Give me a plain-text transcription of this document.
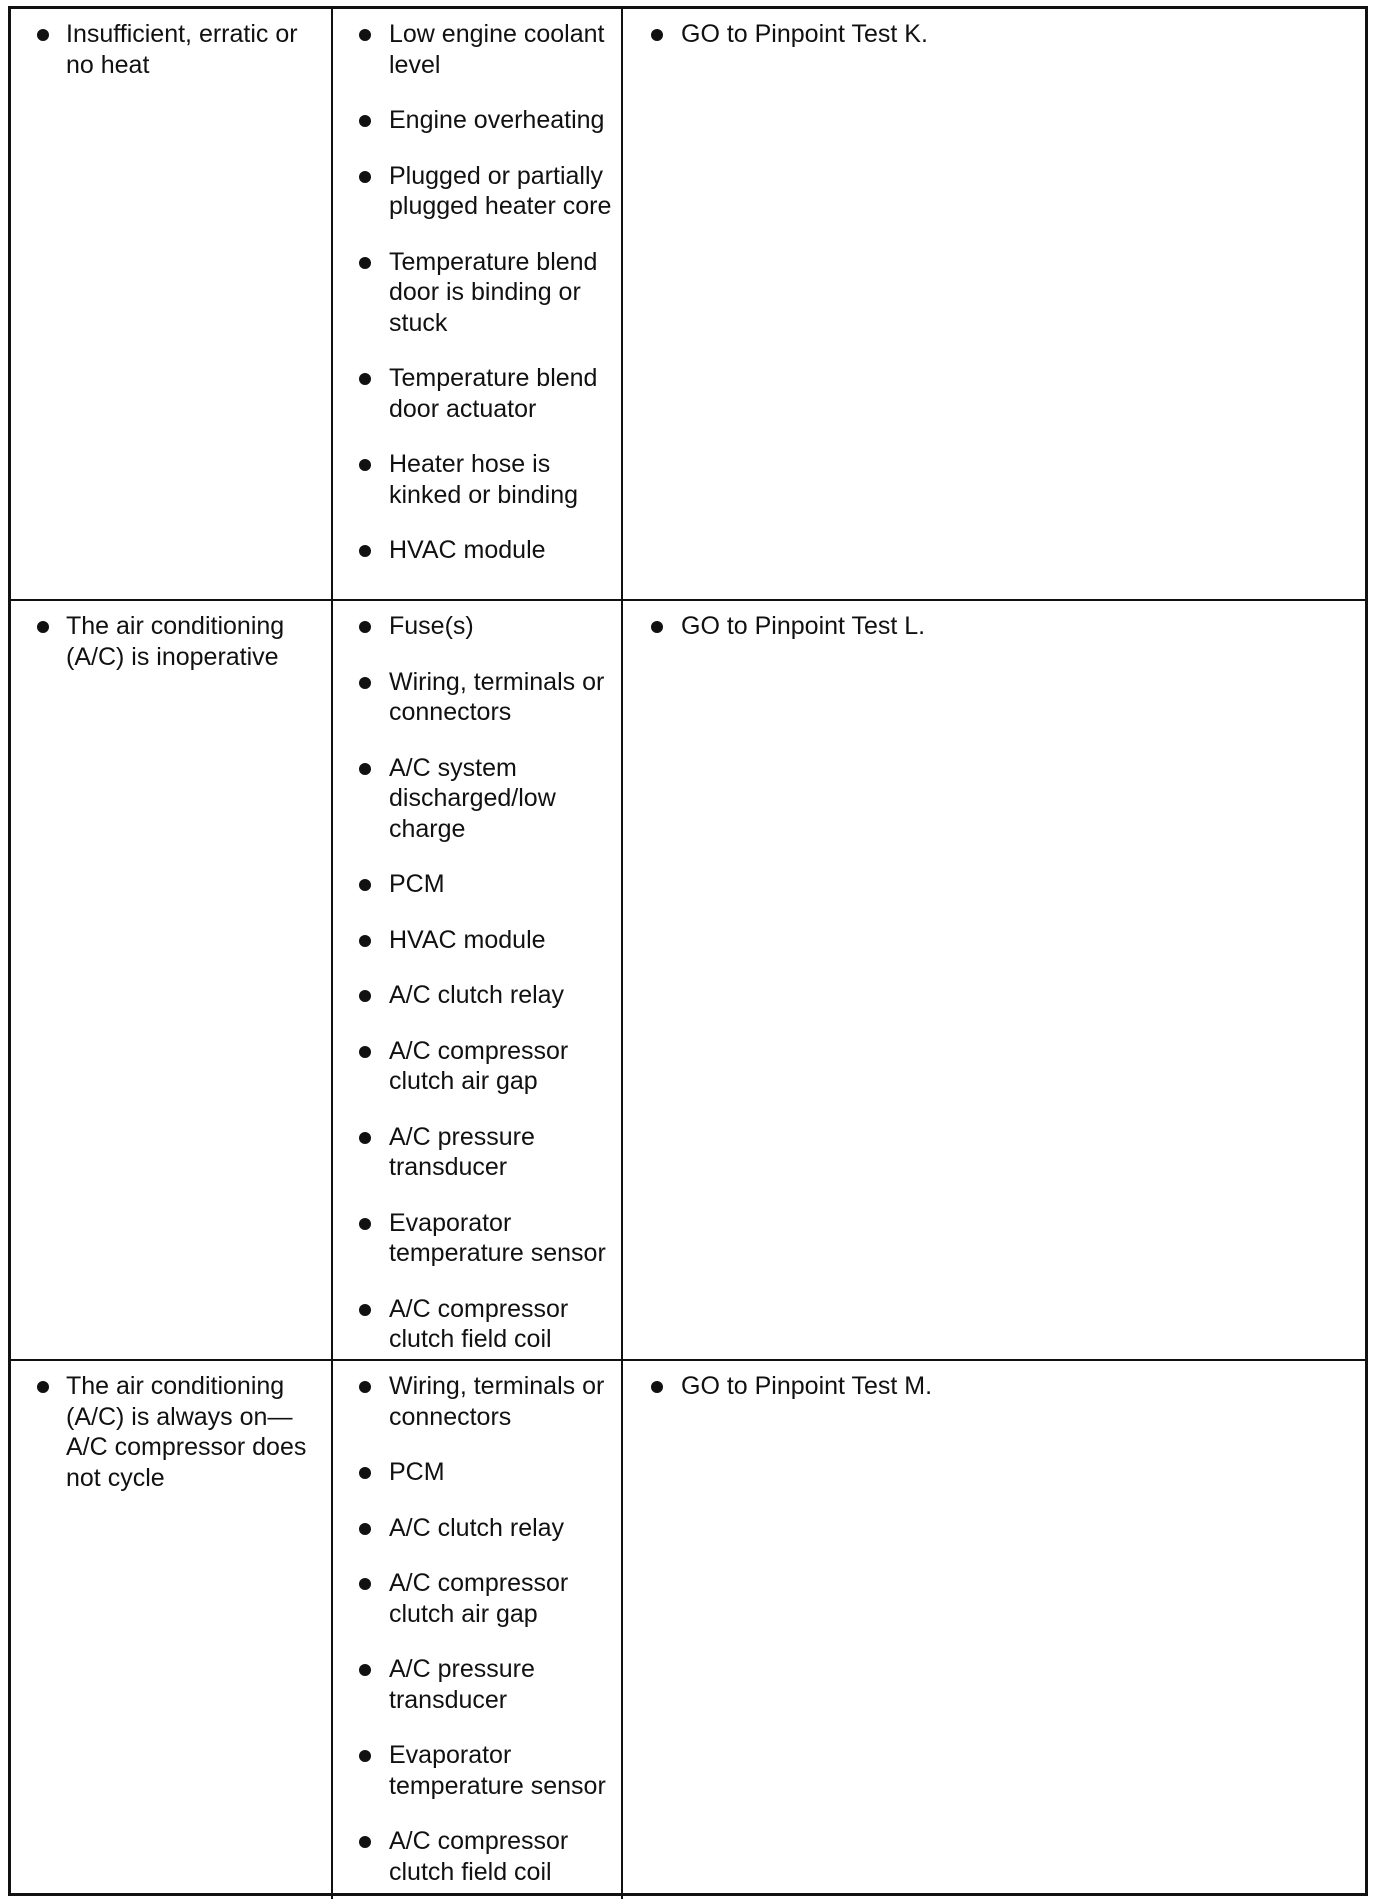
Insufficient, erratic or no heat
Low engine coolant level
Engine overheating
Plugged or partially plugged heater core
Temperature blend door is binding or stuck
Temperature blend door actuator
Heater hose is kinked or binding
HVAC module
GO to Pinpoint Test K.
The air conditioning (A/C) is inoperative
Fuse(s)
Wiring, terminals or connectors
A/C system discharged/low charge
PCM
HVAC module
A/C clutch relay
A/C compressor clutch air gap
A/C pressure transducer
Evaporator temperature sensor
A/C compressor clutch field coil
GO to Pinpoint Test L.
The air conditioning (A/C) is always on—A/C compressor does not cycle
Wiring, terminals or connectors
PCM
A/C clutch relay
A/C compressor clutch air gap
A/C pressure transducer
Evaporator temperature sensor
A/C compressor clutch field coil
GO to Pinpoint Test M.
